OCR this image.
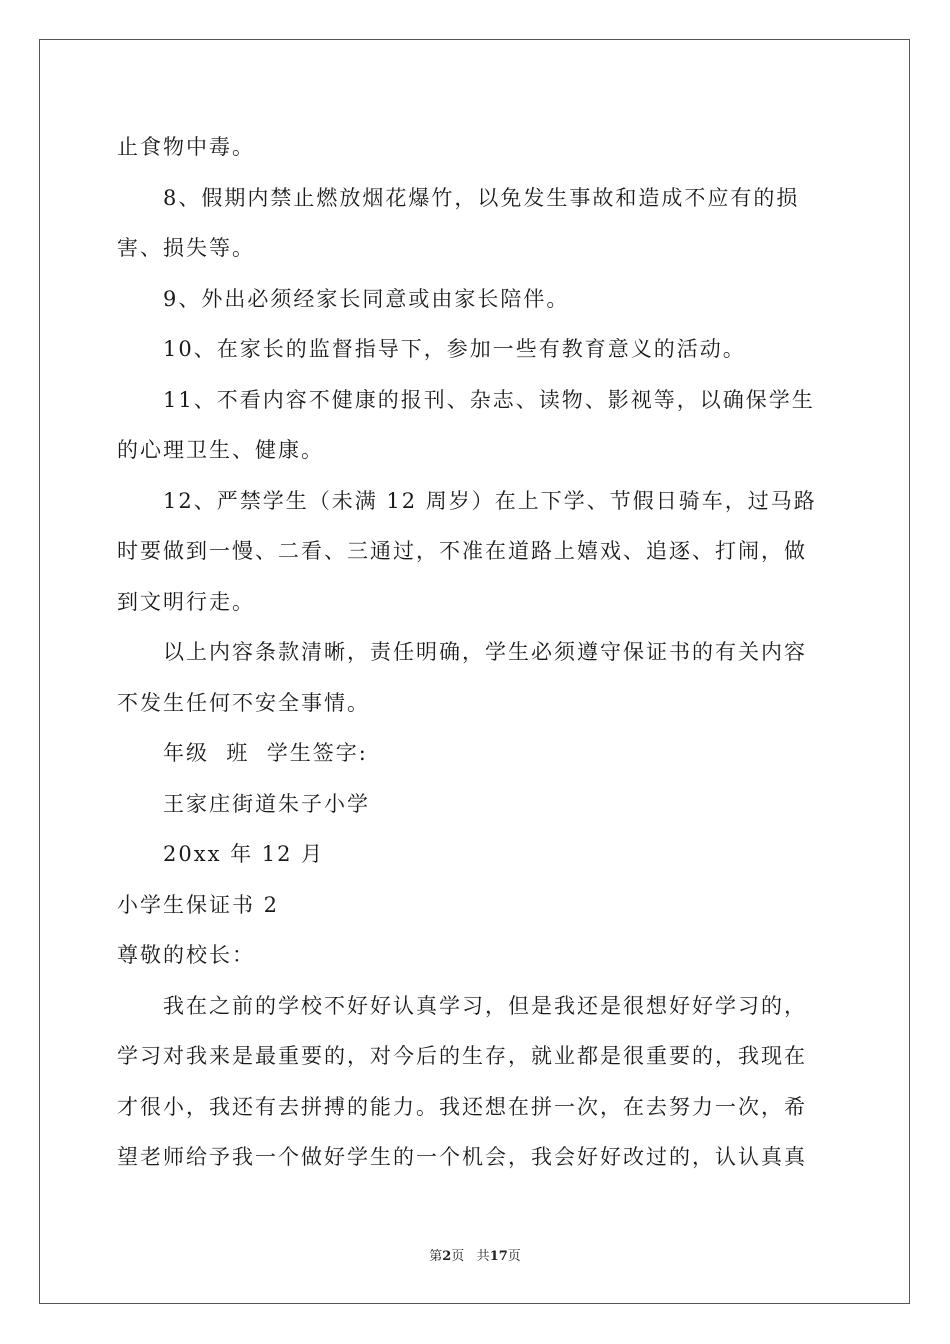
止食物中毒。
8、假期内禁止燃放烟花爆竹，以免发生事故和造成不应有的损
害、损失等。
9、外出必须经家长同意或由家长陪伴。
10、在家长的监督指导下，参加一些有教育意义的活动。
11、不看内容不健康的报刊、杂志、读物、影视等，以确保学生
的心理卫生、健康。
12、严禁学生（未满 12 周岁）在上下学、节假日骑车，过马路
时要做到一慢、二看、三通过，不准在道路上嬉戏、追逐、打闹，做
到文明行走。
以上内容条款清晰，责任明确，学生必须遵守保证书的有关内容
不发生任何不安全事情。
年级  班  学生签字:
王家庄街道朱子小学
20xx 年 12 月
小学生保证书 2
尊敬的校长：
我在之前的学校不好好认真学习，但是我还是很想好好学习的，
学习对我来是最重要的，对今后的生存，就业都是很重要的，我现在
才很小，我还有去拼搏的能力。我还想在拼一次，在去努力一次，希
望老师给予我一个做好学生的一个机会，我会好好改过的，认认真真
第2页 共17页
